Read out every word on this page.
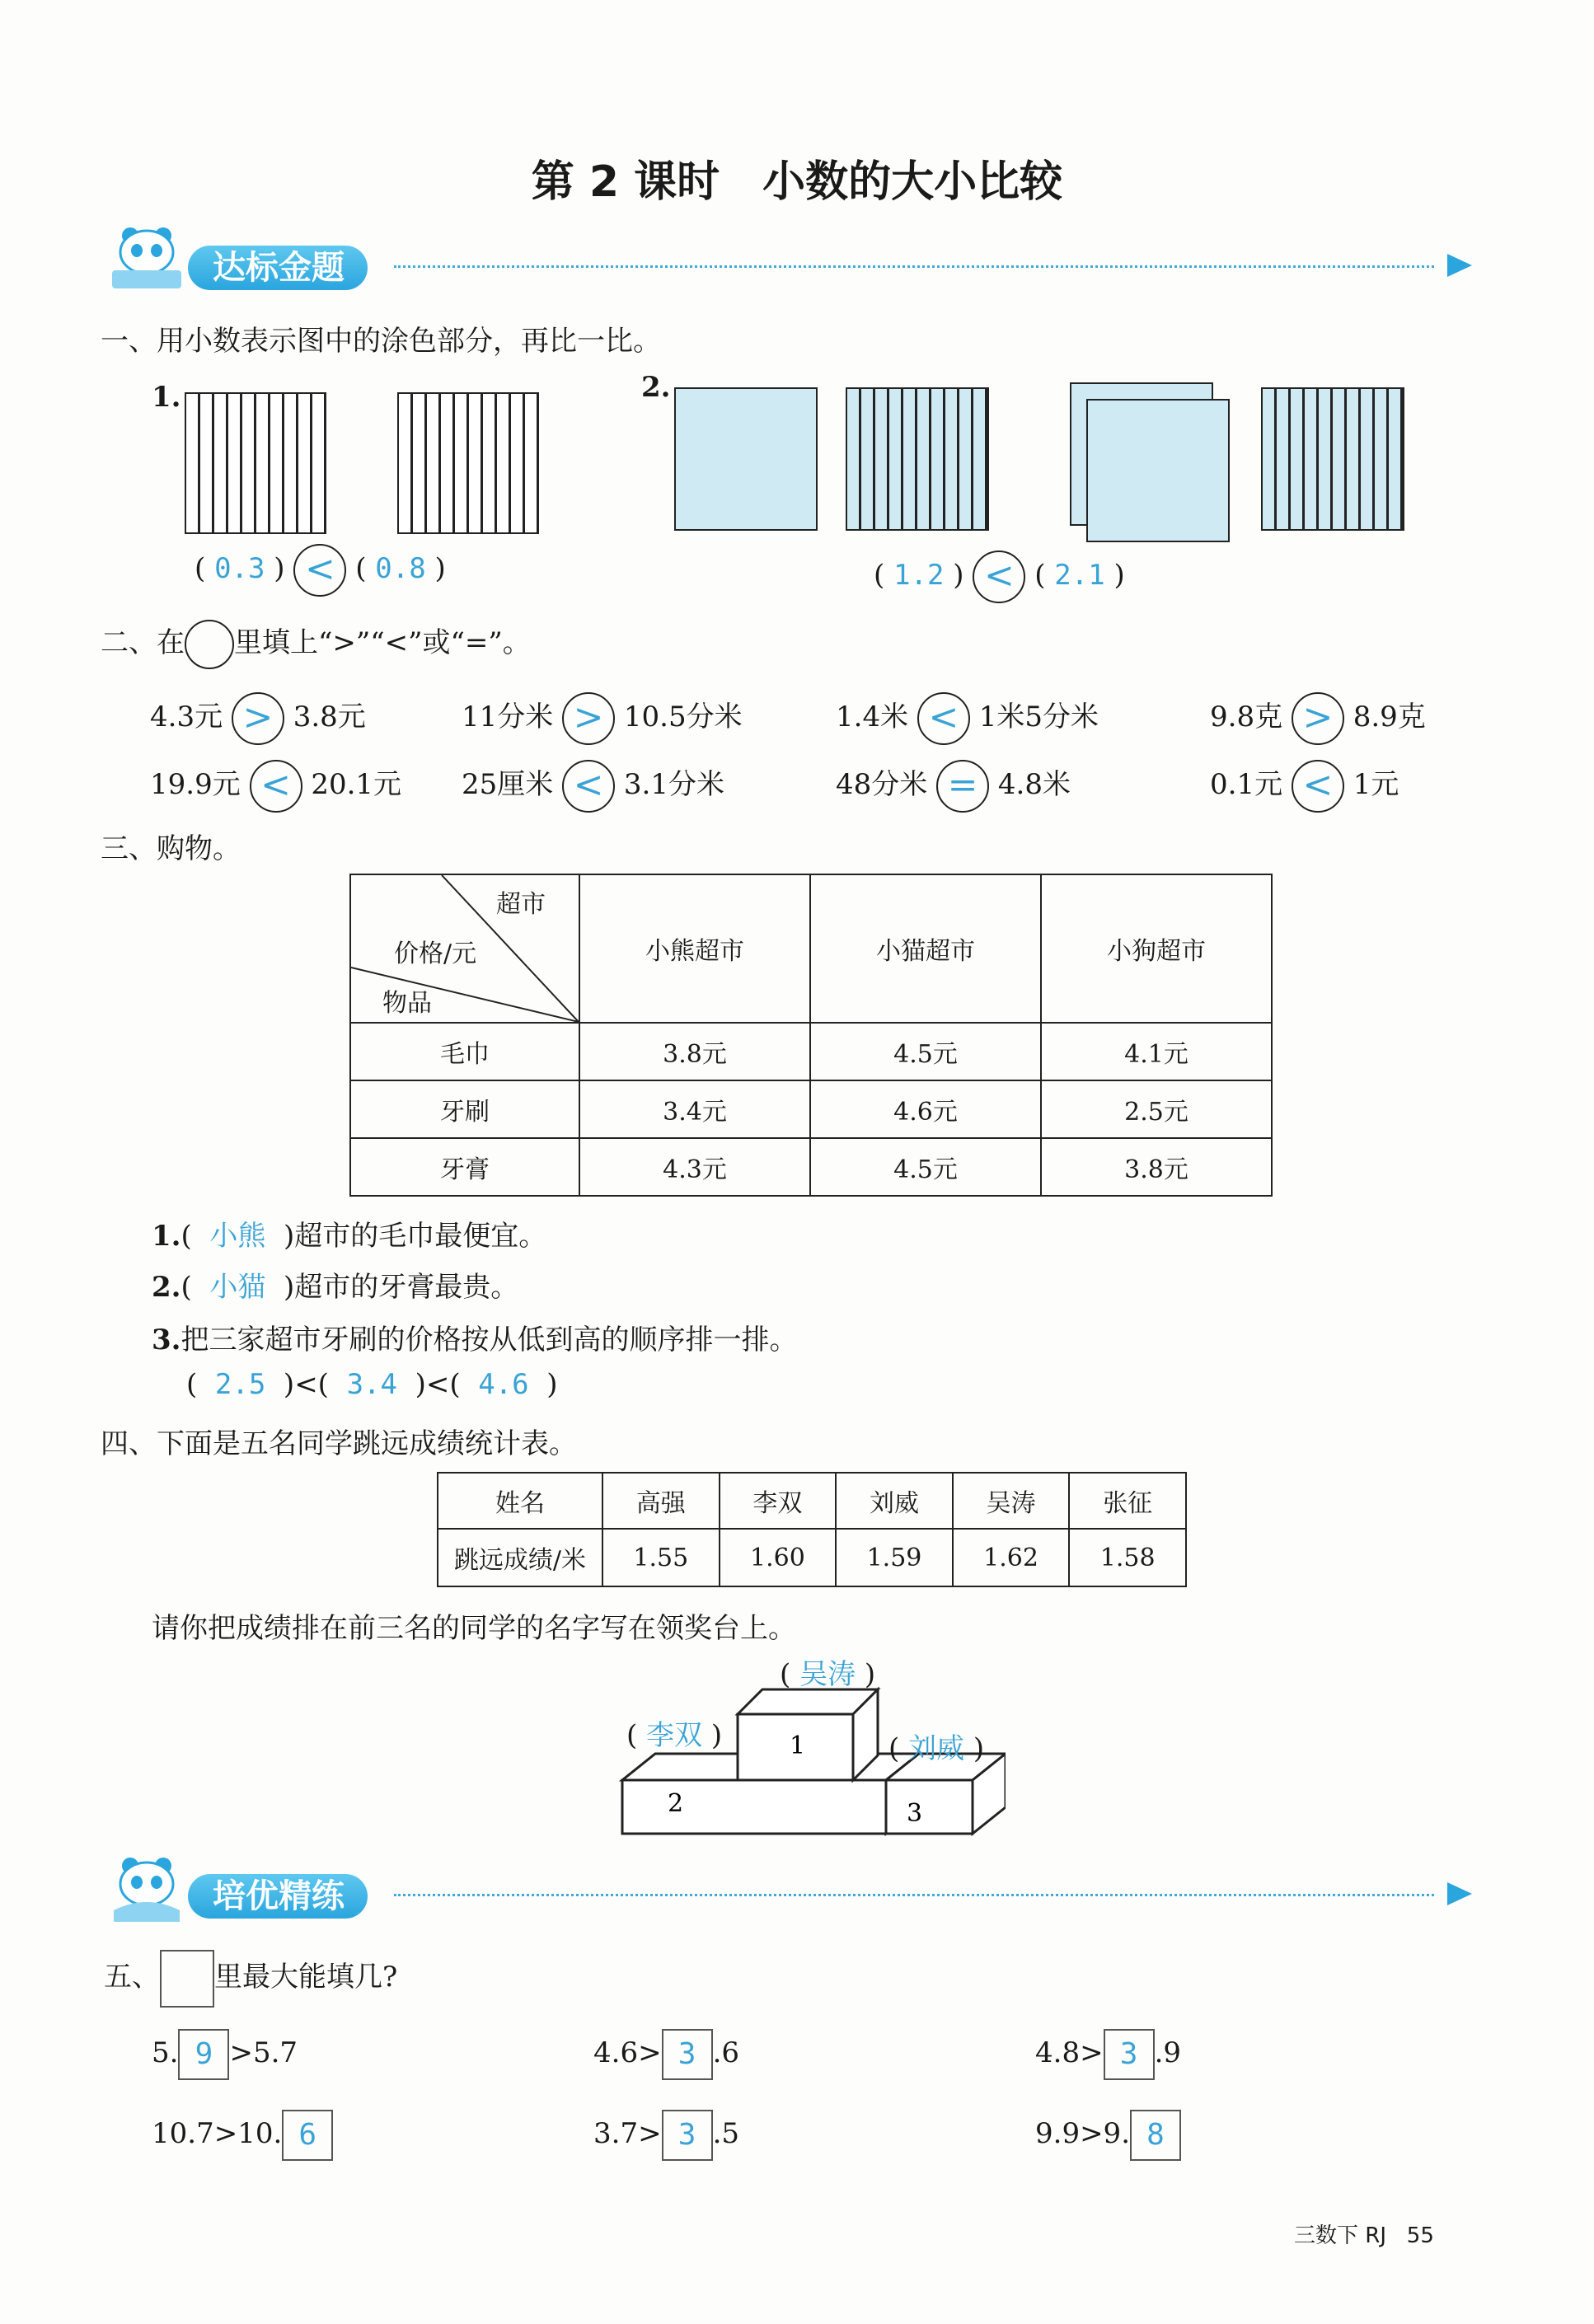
第 2 课时　小数的大小比较
达标金题
一、用小数表示图中的涂色部分，再比一比。
1.
( 0.3 ) < ( 0.8 )
2.
( 1.2 ) < ( 2.1 )
二、在 里填上“>”“<”或“=”。
4.3元 > 3.8元	11分米 > 10.5分米	1.4米 < 1米5分米	9.8克 > 8.9克
19.9元 < 20.1元 25厘米 < 3.1分米	48分米 = 4.8米	0.1元 < 1元
三、购物。
超市
价格/元
物品	小熊超市	小猫超市	小狗超市
毛巾	3.8元	4.5元	4.1元
牙刷	3.4元	4.6元	2.5元
牙膏	4.3元	4.5元	3.8元
1.(  小熊  )超市的毛巾最便宜。
2.(  小猫  )超市的牙膏最贵。
3.把三家超市牙刷的价格按从低到高的顺序排一排。
(  2.5  )<(  3.4  )<(  4.6  )
四、下面是五名同学跳远成绩统计表。
姓名	高强	李双	刘威	吴涛	张征
跳远成绩/米	1.55	1.60	1.59	1.62	1.58
请你把成绩排在前三名的同学的名字写在领奖台上。
1
2	3
( 吴涛 )
( 李双 )	( 刘威 )
培优精练
五、 里最大能填几?
5. 9 >5.7	4.6> 3 .6	4.8> 3 .9
10.7>10. 6	3.7> 3 .5	9.9>9. 8
三数下 RJ 55
